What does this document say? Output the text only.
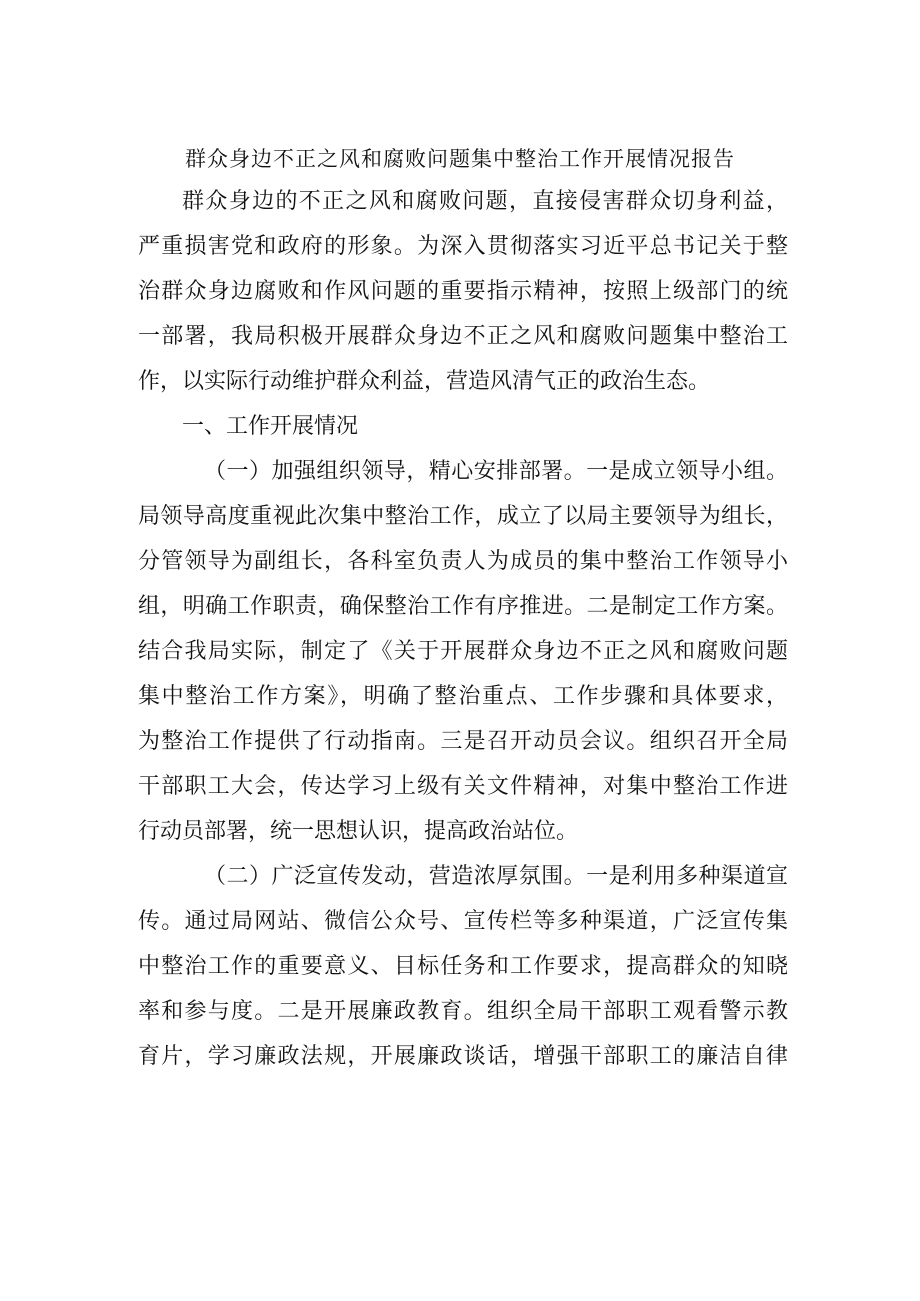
群众身边不正之风和腐败问题集中整治工作开展情况报告
群众身边的不正之风和腐败问题，直接侵害群众切身利益，
严重损害党和政府的形象。为深入贯彻落实习近平总书记关于整
治群众身边腐败和作风问题的重要指示精神，按照上级部门的统
一部署，我局积极开展群众身边不正之风和腐败问题集中整治工
作，以实际行动维护群众利益，营造风清气正的政治生态。
一、工作开展情况
（一）加强组织领导，精心安排部署。一是成立领导小组。
局领导高度重视此次集中整治工作，成立了以局主要领导为组长，
分管领导为副组长，各科室负责人为成员的集中整治工作领导小
组，明确工作职责，确保整治工作有序推进。二是制定工作方案。
结合我局实际，制定了《关于开展群众身边不正之风和腐败问题
集中整治工作方案》，明确了整治重点、工作步骤和具体要求，
为整治工作提供了行动指南。三是召开动员会议。组织召开全局
干部职工大会，传达学习上级有关文件精神，对集中整治工作进
行动员部署，统一思想认识，提高政治站位。
（二）广泛宣传发动，营造浓厚氛围。一是利用多种渠道宣
传。通过局网站、微信公众号、宣传栏等多种渠道，广泛宣传集
中整治工作的重要意义、目标任务和工作要求，提高群众的知晓
率和参与度。二是开展廉政教育。组织全局干部职工观看警示教
育片，学习廉政法规，开展廉政谈话，增强干部职工的廉洁自律
